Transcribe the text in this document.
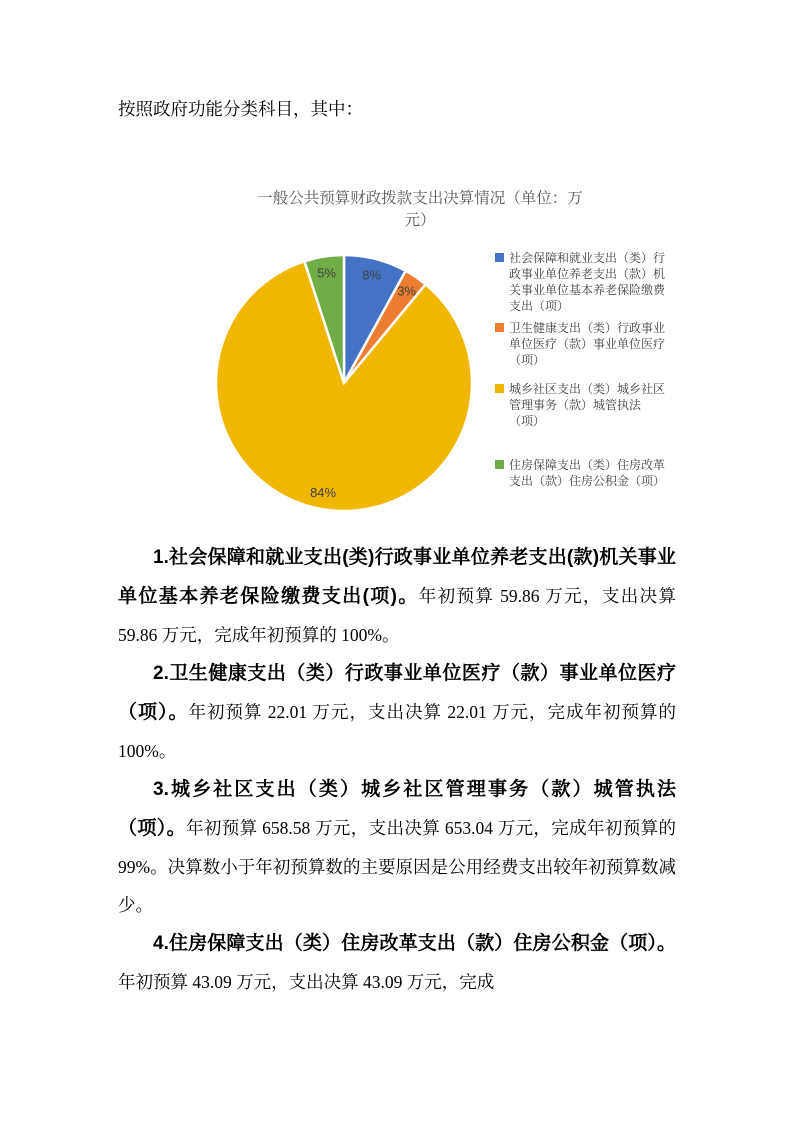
按照政府功能分类科目，其中：
一般公共预算财政拨款支出决算情况（单位：万元）
8%
3%
84%
5%
社会保障和就业支出（类）行政事业单位养老支出（款）机关事业单位基本养老保险缴费支出（项）
卫生健康支出（类）行政事业单位医疗（款）事业单位医疗（项）
城乡社区支出（类）城乡社区管理事务（款）城管执法（项）
住房保障支出（类）住房改革支出（款）住房公积金（项）

1.社会保障和就业支出(类)行政事业单位养老支出(款)机关事业单位基本养老保险缴费支出(项)。年初预算 59.86 万元，支出决算 59.86 万元，完成年初预算的 100%。

2.卫生健康支出（类）行政事业单位医疗（款）事业单位医疗（项）。年初预算 22.01 万元，支出决算 22.01 万元，完成年初预算的 100%。

3.城乡社区支出（类）城乡社区管理事务（款）城管执法（项）。年初预算 658.58 万元，支出决算 653.04 万元，完成年初预算的 99%。决算数小于年初预算数的主要原因是公用经费支出较年初预算数减少。

4.住房保障支出（类）住房改革支出（款）住房公积金（项）。年初预算 43.09 万元，支出决算 43.09 万元，完成
